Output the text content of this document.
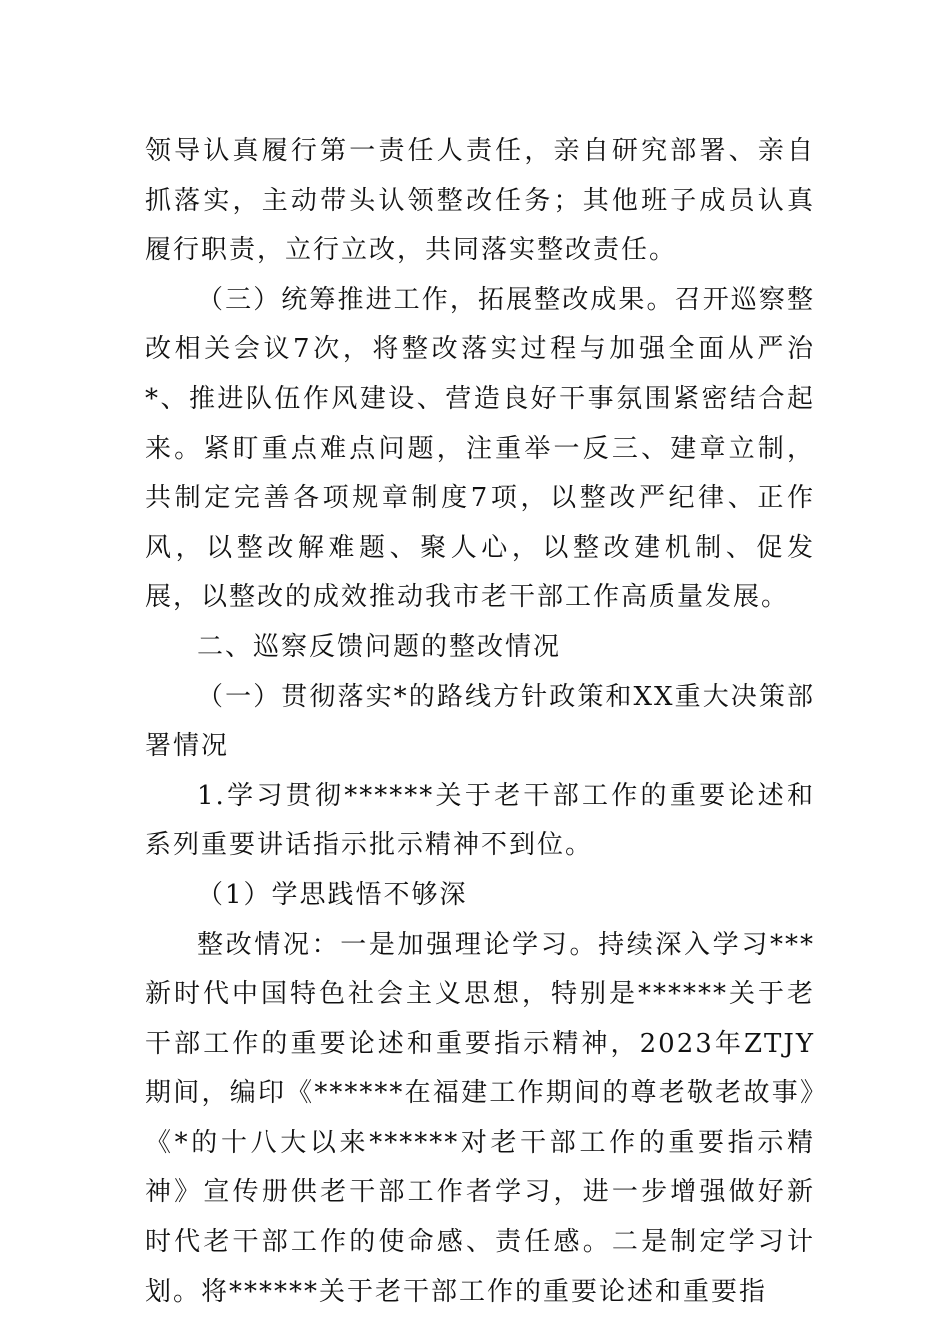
领导认真履行第一责任人责任，亲自研究部署、亲自抓落实，主动带头认领整改任务；其他班子成员认真履行职责，立行立改，共同落实整改责任。

（三）统筹推进工作，拓展整改成果。召开巡察整改相关会议7次，将整改落实过程与加强全面从严治*、推进队伍作风建设、营造良好干事氛围紧密结合起来。紧盯重点难点问题，注重举一反三、建章立制，共制定完善各项规章制度7项，以整改严纪律、正作风，以整改解难题、聚人心，以整改建机制、促发展，以整改的成效推动我市老干部工作高质量发展。

二、巡察反馈问题的整改情况

（一）贯彻落实*的路线方针政策和XX重大决策部署情况

1.学习贯彻******关于老干部工作的重要论述和系列重要讲话指示批示精神不到位。

（1）学思践悟不够深

整改情况：一是加强理论学习。持续深入学习***新时代中国特色社会主义思想，特别是******关于老干部工作的重要论述和重要指示精神，2023年ZTJY期间，编印《******在福建工作期间的尊老敬老故事》《*的十八大以来******对老干部工作的重要指示精神》宣传册供老干部工作者学习，进一步增强做好新时代老干部工作的使命感、责任感。二是制定学习计划。将******关于老干部工作的重要论述和重要指
